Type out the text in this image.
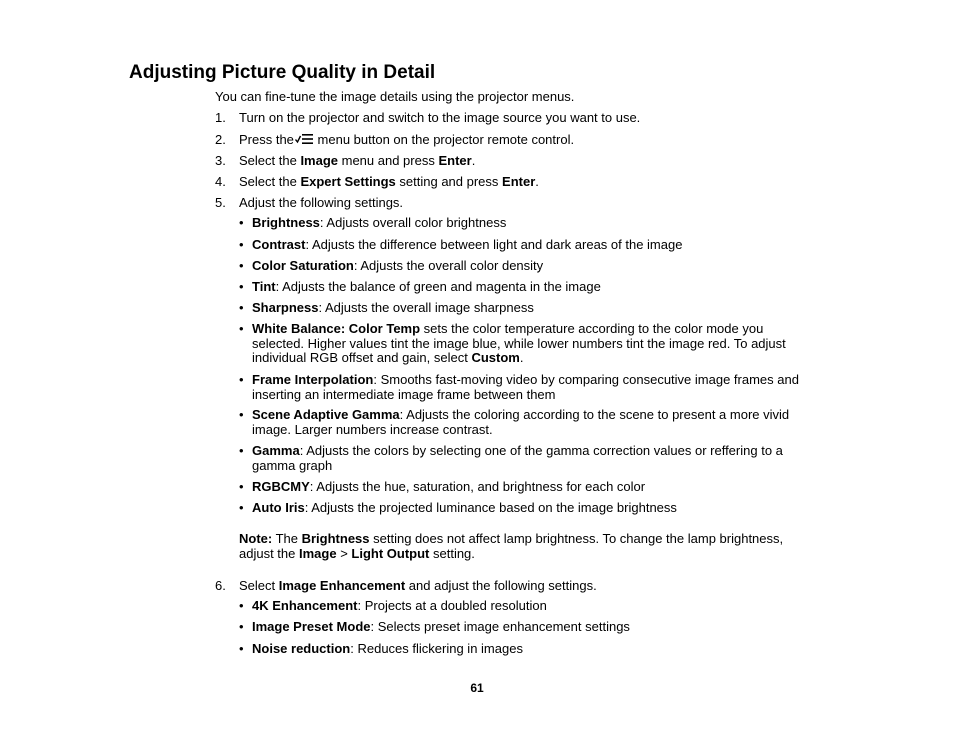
Adjusting Picture Quality in Detail
You can fine-tune the image details using the projector menus.
1. Turn on the projector and switch to the image source you want to use.
2. Press the menu button on the projector remote control.
3. Select the Image menu and press Enter.
4. Select the Expert Settings setting and press Enter.
5. Adjust the following settings.
• Brightness: Adjusts overall color brightness
• Contrast: Adjusts the difference between light and dark areas of the image
• Color Saturation: Adjusts the overall color density
• Tint: Adjusts the balance of green and magenta in the image
• Sharpness: Adjusts the overall image sharpness
• White Balance: Color Temp sets the color temperature according to the color mode you selected. Higher values tint the image blue, while lower numbers tint the image red. To adjust individual RGB offset and gain, select Custom.
• Frame Interpolation: Smooths fast-moving video by comparing consecutive image frames and inserting an intermediate image frame between them
• Scene Adaptive Gamma: Adjusts the coloring according to the scene to present a more vivid image. Larger numbers increase contrast.
• Gamma: Adjusts the colors by selecting one of the gamma correction values or reffering to a gamma graph
• RGBCMY: Adjusts the hue, saturation, and brightness for each color
• Auto Iris: Adjusts the projected luminance based on the image brightness
Note: The Brightness setting does not affect lamp brightness. To change the lamp brightness, adjust the Image > Light Output setting.
6. Select Image Enhancement and adjust the following settings.
• 4K Enhancement: Projects at a doubled resolution
• Image Preset Mode: Selects preset image enhancement settings
• Noise reduction: Reduces flickering in images
61
